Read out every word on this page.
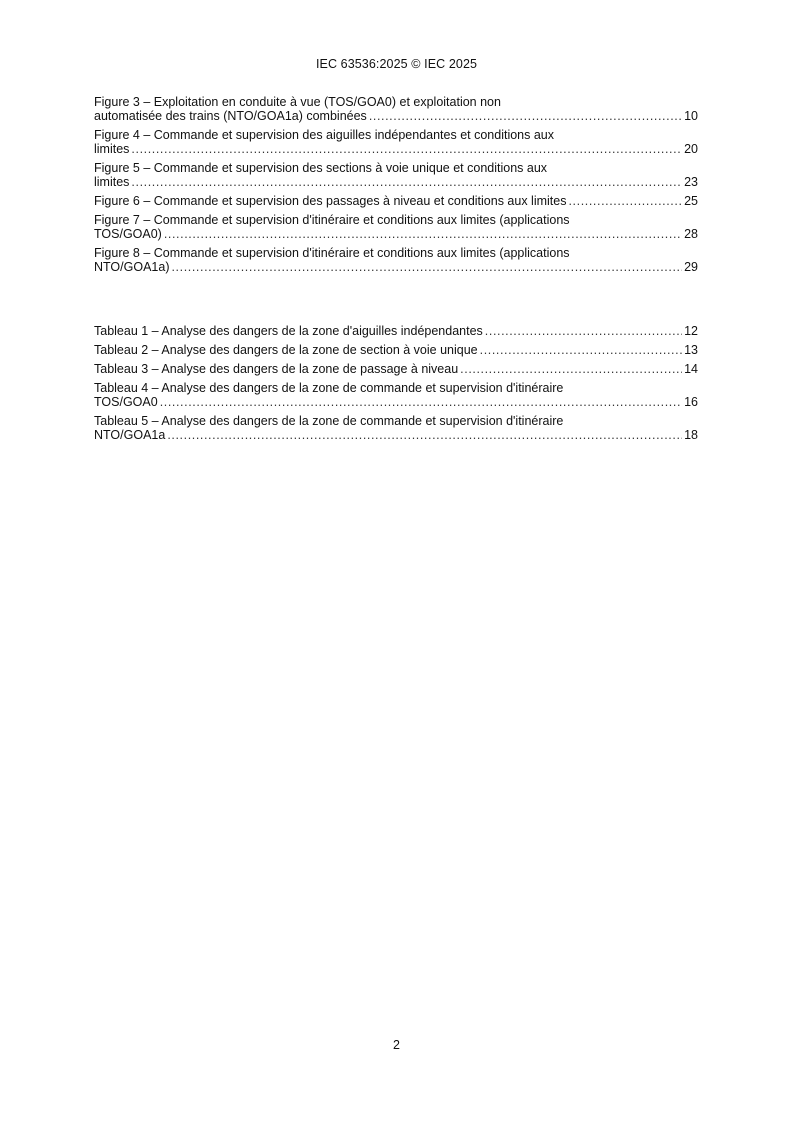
IEC 63536:2025 © IEC 2025
Figure 3 – Exploitation en conduite à vue (TOS/GOA0) et exploitation non
automatisée des trains (NTO/GOA1a) combinées .....	10
Figure 4 – Commande et supervision des aiguilles indépendantes et conditions aux
limites .....	20
Figure 5 – Commande et supervision des sections à voie unique et conditions aux
limites .....	23
Figure 6 – Commande et supervision des passages à niveau et conditions aux limites .....	25
Figure 7 – Commande et supervision d'itinéraire et conditions aux limites (applications
TOS/GOA0) .....	28
Figure 8 – Commande et supervision d'itinéraire et conditions aux limites (applications
NTO/GOA1a) .....	29
Tableau 1 – Analyse des dangers de la zone d'aiguilles indépendantes .....	12
Tableau 2 – Analyse des dangers de la zone de section à voie unique .....	13
Tableau 3 – Analyse des dangers de la zone de passage à niveau .....	14
Tableau 4 – Analyse des dangers de la zone de commande et supervision d'itinéraire
TOS/GOA0 .....	16
Tableau 5 – Analyse des dangers de la zone de commande et supervision d'itinéraire
NTO/GOA1a .....	18
2
